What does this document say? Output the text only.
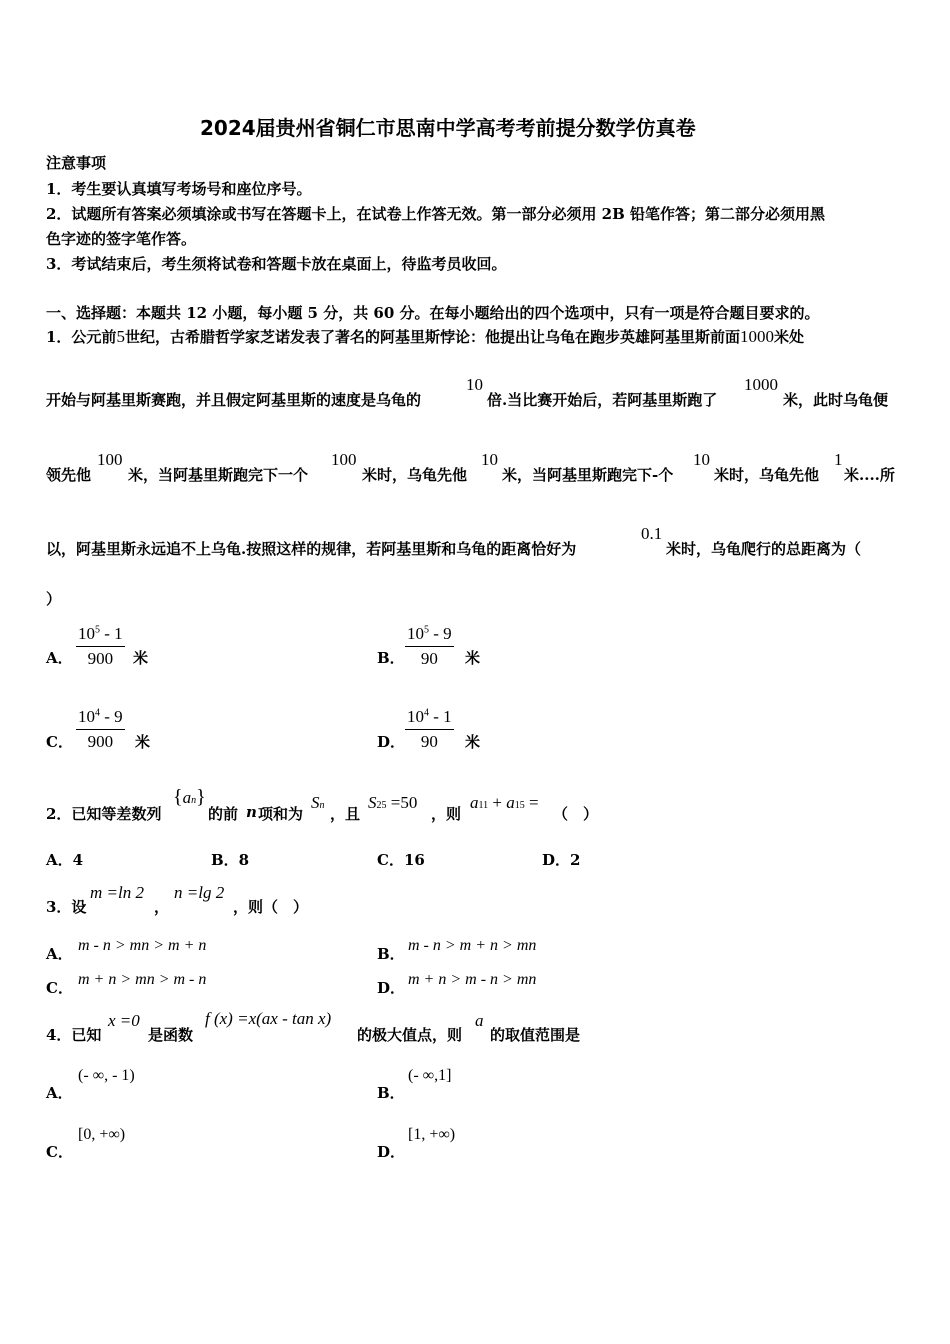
2024届贵州省铜仁市思南中学高考考前提分数学仿真卷
注意事项
1．考生要认真填写考场号和座位序号。
2．试题所有答案必须填涂或书写在答题卡上，在试卷上作答无效。第一部分必须用 2B 铅笔作答；第二部分必须用黑
色字迹的签字笔作答。
3．考试结束后，考生须将试卷和答题卡放在桌面上，待监考员收回。
一、选择题：本题共 12 小题，每小题 5 分，共 60 分。在每小题给出的四个选项中，只有一项是符合题目要求的。
1．公元前5世纪，古希腊哲学家芝诺发表了著名的阿基里斯悖论：他提出让乌龟在跑步英雄阿基里斯前面1000米处
开始与阿基里斯赛跑，并且假定阿基里斯的速度是乌龟的
10
倍.当比赛开始后，若阿基里斯跑了
1000
米，此时乌龟便
领先他
100
米，当阿基里斯跑完下一个
100
米时，乌龟先他
10
米，当阿基里斯跑完下-个
10
米时，乌龟先他
1
米....所
以，阿基里斯永远追不上乌龟.按照这样的规律，若阿基里斯和乌龟的距离恰好为
0.1
米时，乌龟爬行的总距离为（
）
A． $\frac{10^5 - 1}{900}$ 米	B． $\frac{10^5 - 9}{90}$ 米
C． $\frac{10^4 - 9}{900}$ 米	D． $\frac{10^4 - 1}{90}$ 米
2．已知等差数列
{an}
的前 n 项和为
Sn ，且
S25 =50
，则
a11 + a15 =
（　）
A．4	B．8	C．16	D．2
3．设
m =ln 2
，
n =lg 2
，则（　）
A． m - n > mn > m + n	B． m - n > m + n > mn
C． m + n > mn > m - n	D． m + n > m - n > mn
4．已知
x =0
是函数
f (x) =x(ax - tan x)
的极大值点，则
a
的取值范围是
A．
(- ∞, - 1)
B．
(- ∞,1]
C．
[0, +∞)
D．
[1, +∞)
